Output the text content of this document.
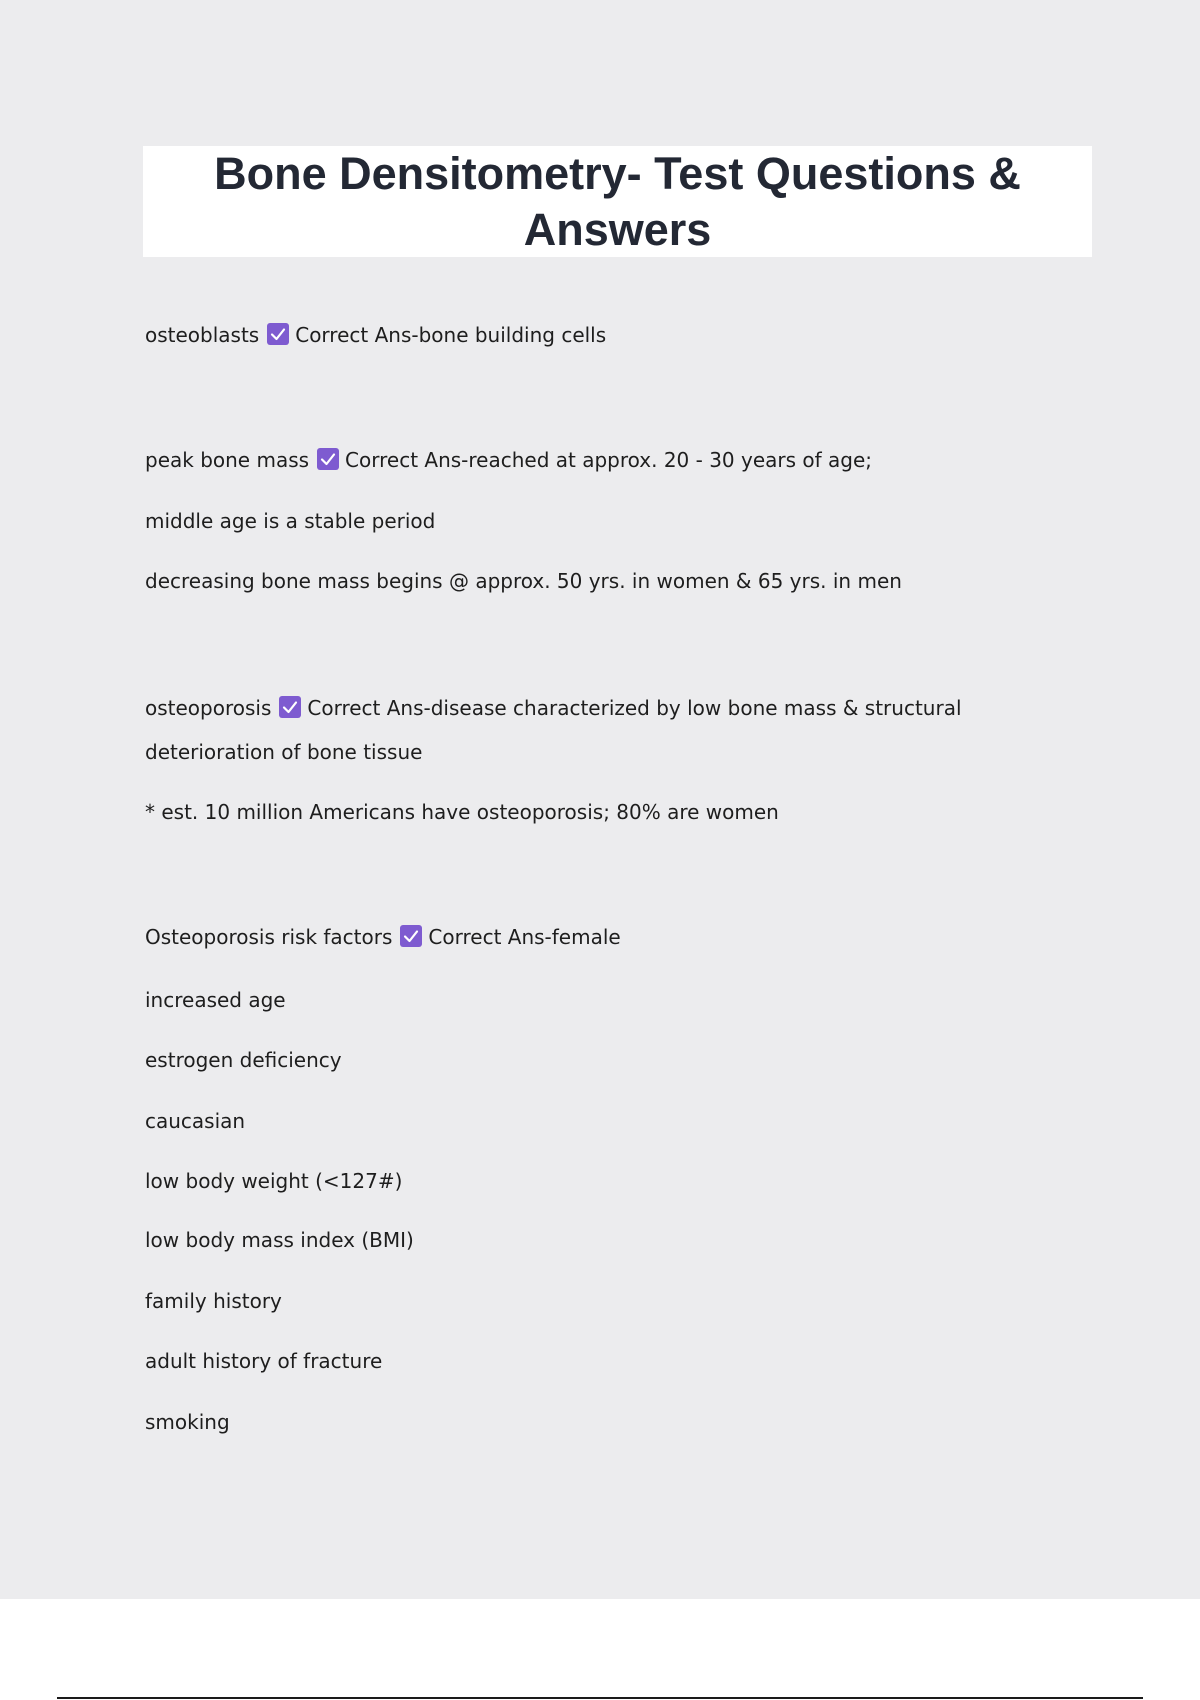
Bone Densitometry- Test Questions & Answers
osteoblasts Correct Ans-bone building cells
peak bone mass Correct Ans-reached at approx. 20 - 30 years of age;
middle age is a stable period
decreasing bone mass begins @ approx. 50 yrs. in women & 65 yrs. in men
osteoporosis Correct Ans-disease characterized by low bone mass & structural deterioration of bone tissue
* est. 10 million Americans have osteoporosis; 80% are women
Osteoporosis risk factors Correct Ans-female
increased age
estrogen deficiency
caucasian
low body weight (<127#)
low body mass index (BMI)
family history
adult history of fracture
smoking
